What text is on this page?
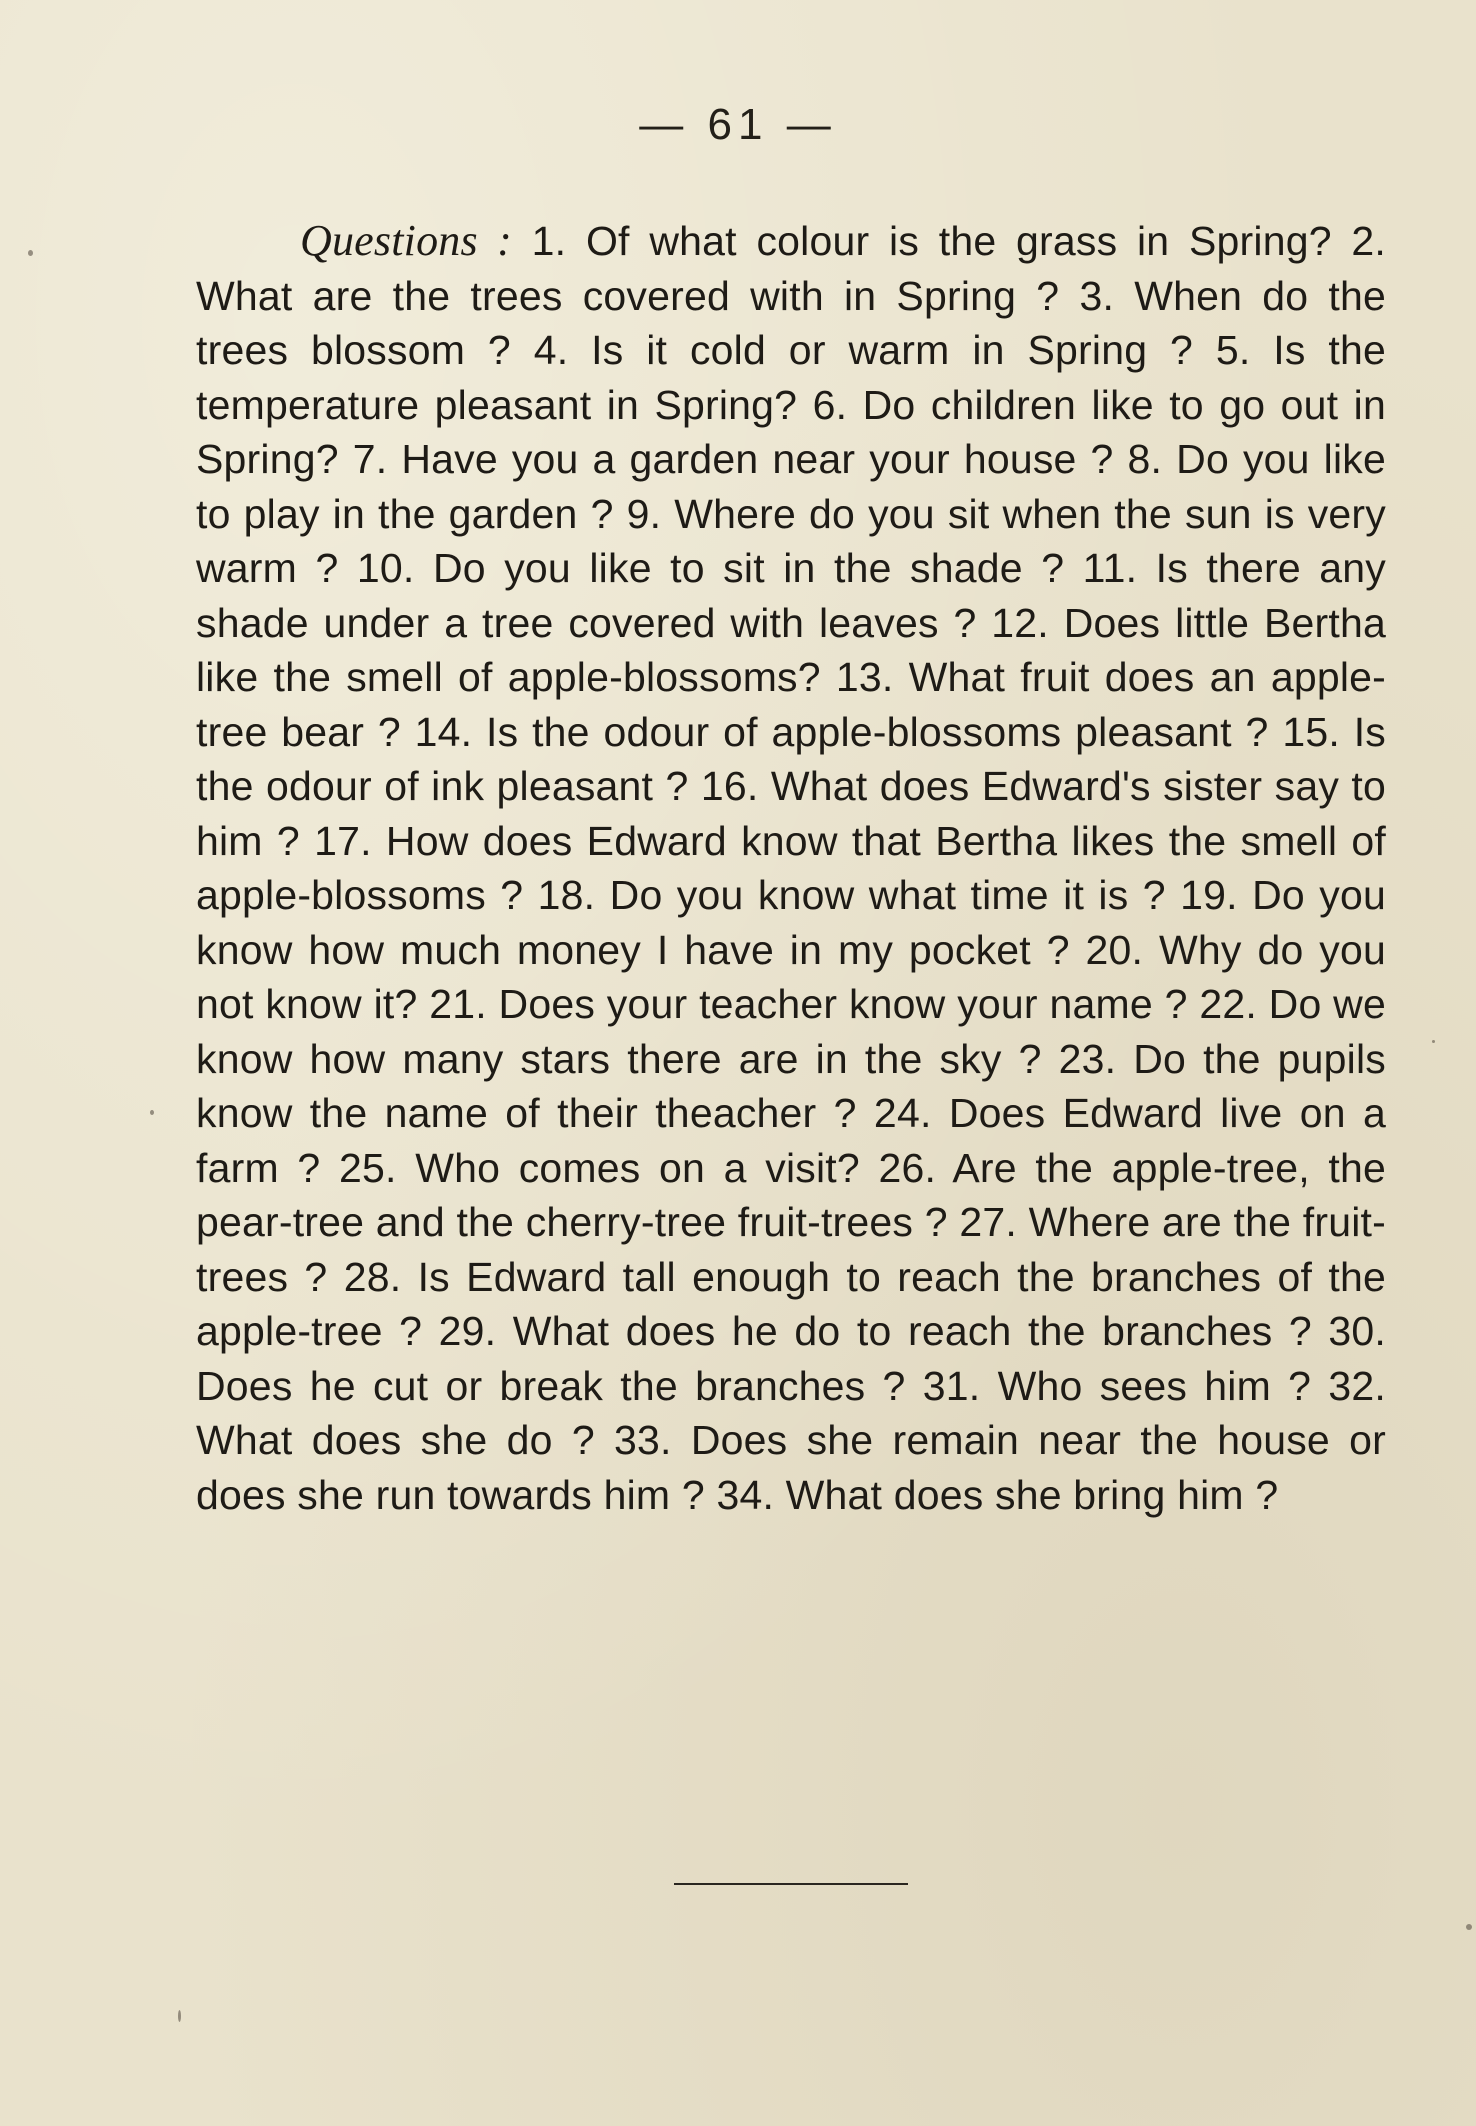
— 61 —

Questions : 1. Of what colour is the grass in Spring? 2. What are the trees covered with in Spring ? 3. When do the trees blossom ? 4. Is it cold or warm in Spring ? 5. Is the temperature pleasant in Spring? 6. Do children like to go out in Spring? 7. Have you a garden near your house ? 8. Do you like to play in the garden ? 9. Where do you sit when the sun is very warm ? 10. Do you like to sit in the shade ? 11. Is there any shade under a tree covered with leaves ? 12. Does little Bertha like the smell of apple-blossoms? 13. What fruit does an apple-tree bear ? 14. Is the odour of apple-blossoms pleasant ? 15. Is the odour of ink pleasant ? 16. What does Edward's sister say to him ? 17. How does Edward know that Bertha likes the smell of apple-blossoms ? 18. Do you know what time it is ? 19. Do you know how much money I have in my pocket ? 20. Why do you not know it? 21. Does your teacher know your name ? 22. Do we know how many stars there are in the sky ? 23. Do the pupils know the name of their theacher ? 24. Does Edward live on a farm ? 25. Who comes on a visit? 26. Are the apple-tree, the pear-tree and the cherry-tree fruit-trees ? 27. Where are the fruit-trees ? 28. Is Edward tall enough to reach the branches of the apple-tree ? 29. What does he do to reach the branches ? 30. Does he cut or break the branches ? 31. Who sees him ? 32. What does she do ? 33. Does she remain near the house or does she run towards him ? 34. What does she bring him ?
